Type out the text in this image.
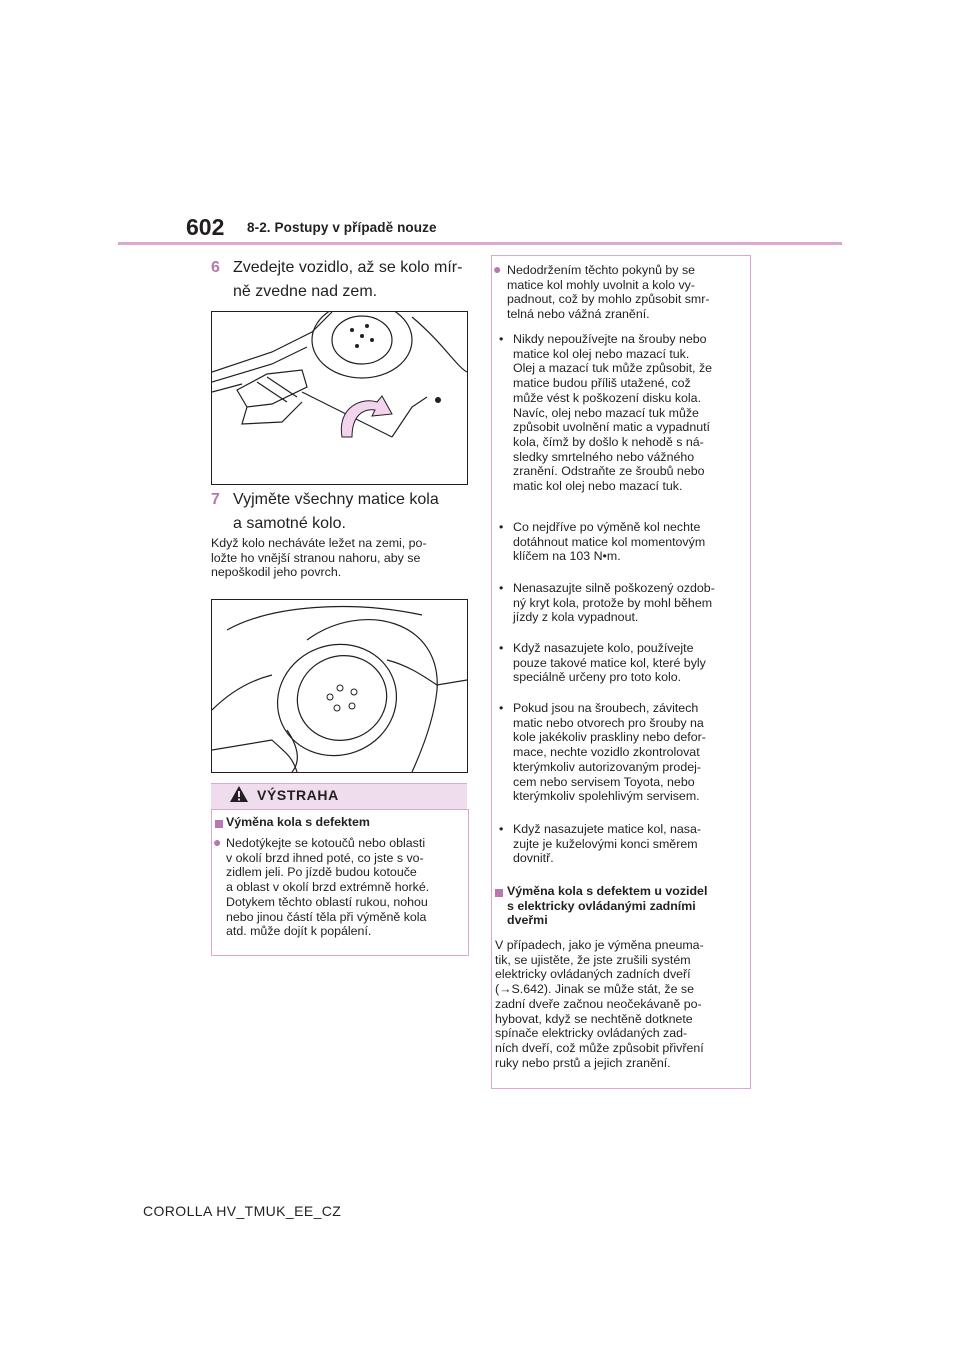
602 8-2. Postupy v případě nouze
6 Zvedejte vozidlo, až se kolo mír-
ně zvedne nad zem.
7 Vyjměte všechny matice kola
a samotné kolo.
Když kolo necháváte ležet na zemi, po-
ložte ho vnější stranou nahoru, aby se
nepoškodil jeho povrch.
VÝSTRAHA
Výměna kola s defektem
● Nedotýkejte se kotoučů nebo oblasti
v okolí brzd ihned poté, co jste s vo-
zidlem jeli. Po jízdě budou kotouče
a oblast v okolí brzd extrémně horké.
Dotykem těchto oblastí rukou, nohou
nebo jinou částí těla při výměně kola
atd. může dojít k popálení.
● Nedodržením těchto pokynů by se
matice kol mohly uvolnit a kolo vy-
padnout, což by mohlo způsobit smr-
telná nebo vážná zranění.
• Nikdy nepoužívejte na šrouby nebo
matice kol olej nebo mazací tuk.
Olej a mazací tuk může způsobit, že
matice budou příliš utažené, což
může vést k poškození disku kola.
Navíc, olej nebo mazací tuk může
způsobit uvolnění matic a vypadnutí
kola, čímž by došlo k nehodě s ná-
sledky smrtelného nebo vážného
zranění. Odstraňte ze šroubů nebo
matic kol olej nebo mazací tuk.
• Co nejdříve po výměně kol nechte
dotáhnout matice kol momentovým
klíčem na 103 N•m.
• Nenasazujte silně poškozený ozdob-
ný kryt kola, protože by mohl během
jízdy z kola vypadnout.
• Když nasazujete kolo, používejte
pouze takové matice kol, které byly
speciálně určeny pro toto kolo.
• Pokud jsou na šroubech, závitech
matic nebo otvorech pro šrouby na
kole jakékoliv praskliny nebo defor-
mace, nechte vozidlo zkontrolovat
kterýmkoliv autorizovaným prodej-
cem nebo servisem Toyota, nebo
kterýmkoliv spolehlivým servisem.
• Když nasazujete matice kol, nasa-
zujte je kuželovými konci směrem
dovnitř.
Výměna kola s defektem u vozidel
s elektricky ovládanými zadními
dveřmi
V případech, jako je výměna pneuma-
tik, se ujistěte, že jste zrušili systém
elektricky ovládaných zadních dveří
(→S.642). Jinak se může stát, že se
zadní dveře začnou neočekávaně po-
hybovat, když se nechtěně dotknete
spínače elektricky ovládaných zad-
ních dveří, což může způsobit přivření
ruky nebo prstů a jejich zranění.
COROLLA HV_TMUK_EE_CZ
